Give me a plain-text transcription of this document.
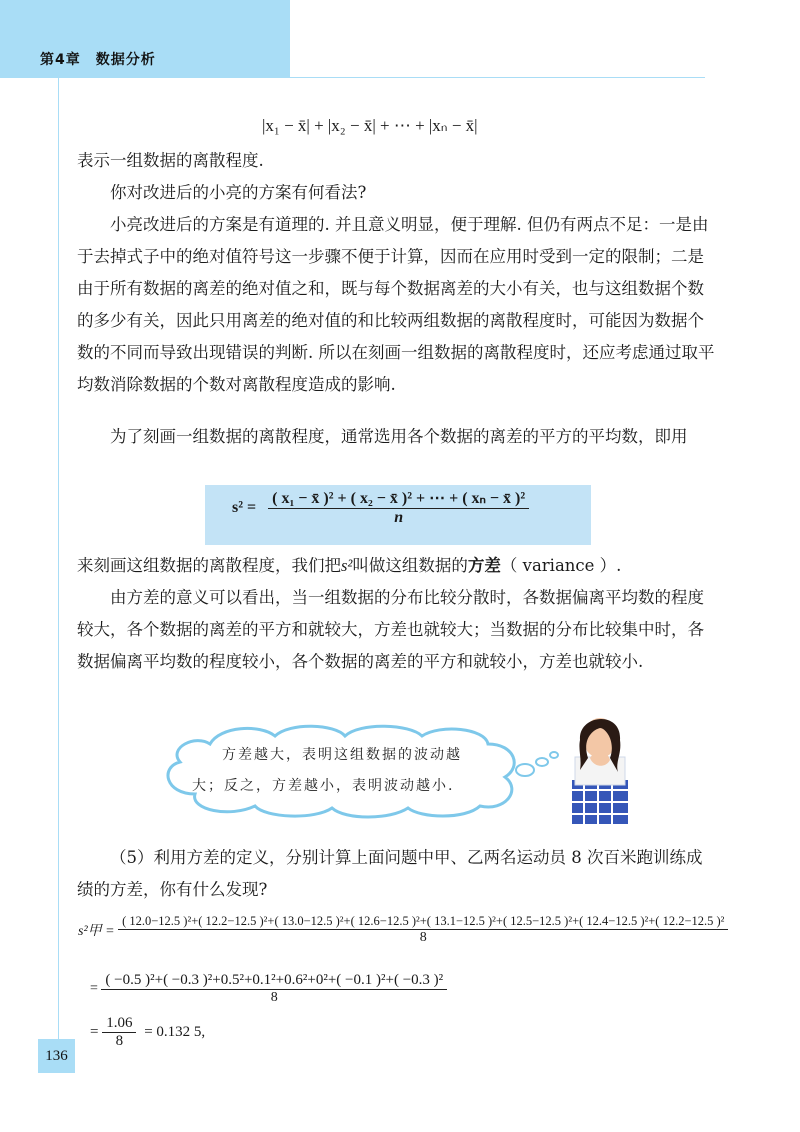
第4章　数据分析
|x₁ − x̄| + |x₂ − x̄| + ⋯ + |xₙ − x̄|
表示一组数据的离散程度.
你对改进后的小亮的方案有何看法?
小亮改进后的方案是有道理的. 并且意义明显，便于理解. 但仍有两点不足：一是由于去掉式子中的绝对值符号这一步骤不便于计算，因而在应用时受到一定的限制；二是由于所有数据的离差的绝对值之和，既与每个数据离差的大小有关，也与这组数据个数的多少有关，因此只用离差的绝对值的和比较两组数据的离散程度时，可能因为数据个数的不同而导致出现错误的判断. 所以在刻画一组数据的离散程度时，还应考虑通过取平均数消除数据的个数对离散程度造成的影响.
为了刻画一组数据的离散程度，通常选用各个数据的离差的平方的平均数，即用
$s^2 = \frac{\text{( x₁ − x̄ )² + ( x₂ − x̄ )² + ⋯ + ( xₙ − x̄ )²}}{n}$
来刻画这组数据的离散程度，我们把s²叫做这组数据的方差（ variance ）.
由方差的意义可以看出，当一组数据的分布比较分散时，各数据偏离平均数的程度较大，各个数据的离差的平方和就较大，方差也就较大；当数据的分布比较集中时，各数据偏离平均数的程度较小，各个数据的离差的平方和就较小，方差也就较小.
方差越大，表明这组数据的波动越
大；反之，方差越小，表明波动越小.
（5）利用方差的定义，分别计算上面问题中甲、乙两名运动员 8 次百米跑训练成绩的方差，你有什么发现?
s²甲 =
( 12.0−12.5 )²+( 12.2−12.5 )²+( 13.0−12.5 )²+( 12.6−12.5 )²+( 13.1−12.5 )²+( 12.5−12.5 )²+( 12.4−12.5 )²+( 12.2−12.5 )²
8
= $\frac{\text{( −0.5 )²+( −0.3 )²+0.5²+0.1²+0.6²+0²+( −0.1 )²+( −0.3 )²}}{8}$
= $\frac{1.06}{8} = 0.132$ 5,
136
